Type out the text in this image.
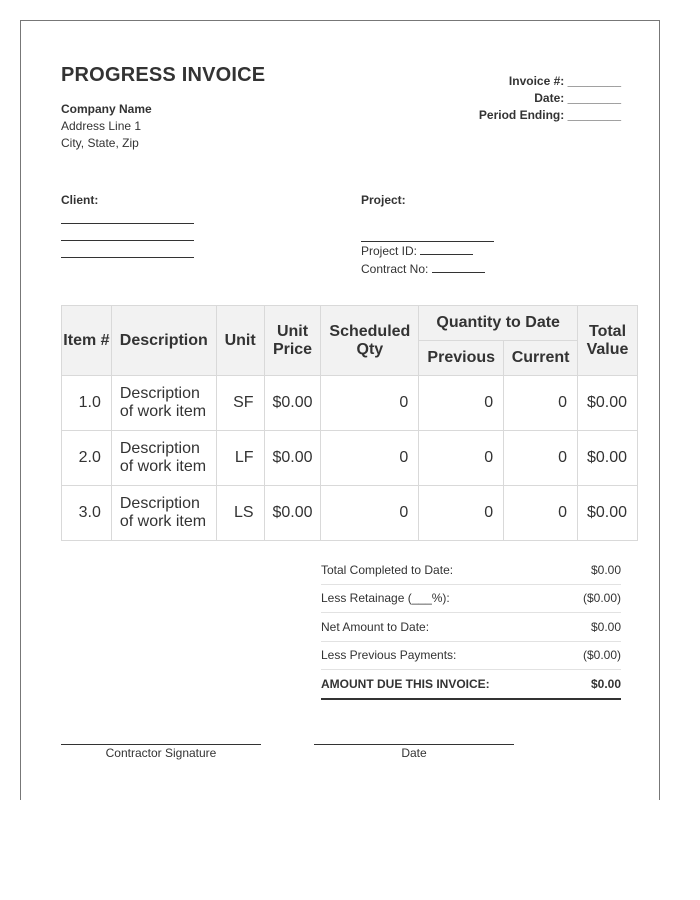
PROGRESS INVOICE
Company Name
Address Line 1
City, State, Zip
Invoice #: ________
Date: ________
Period Ending: ________
Client:	Project:
Project ID:
Contract No:
Item #	Description	Unit	Unit Price	Scheduled Qty	Quantity to Date		Total Value
					Previous	Current	
1.0	Description of work item	SF	$0.00	0	0	0	$0.00
2.0	Description of work item	LF	$0.00	0	0	0	$0.00
3.0	Description of work item	LS	$0.00	0	0	0	$0.00
Total Completed to Date:	$0.00
Less Retainage (___%):	($0.00)
Net Amount to Date:	$0.00
Less Previous Payments:	($0.00)
AMOUNT DUE THIS INVOICE:	$0.00
Contractor Signature	Date
